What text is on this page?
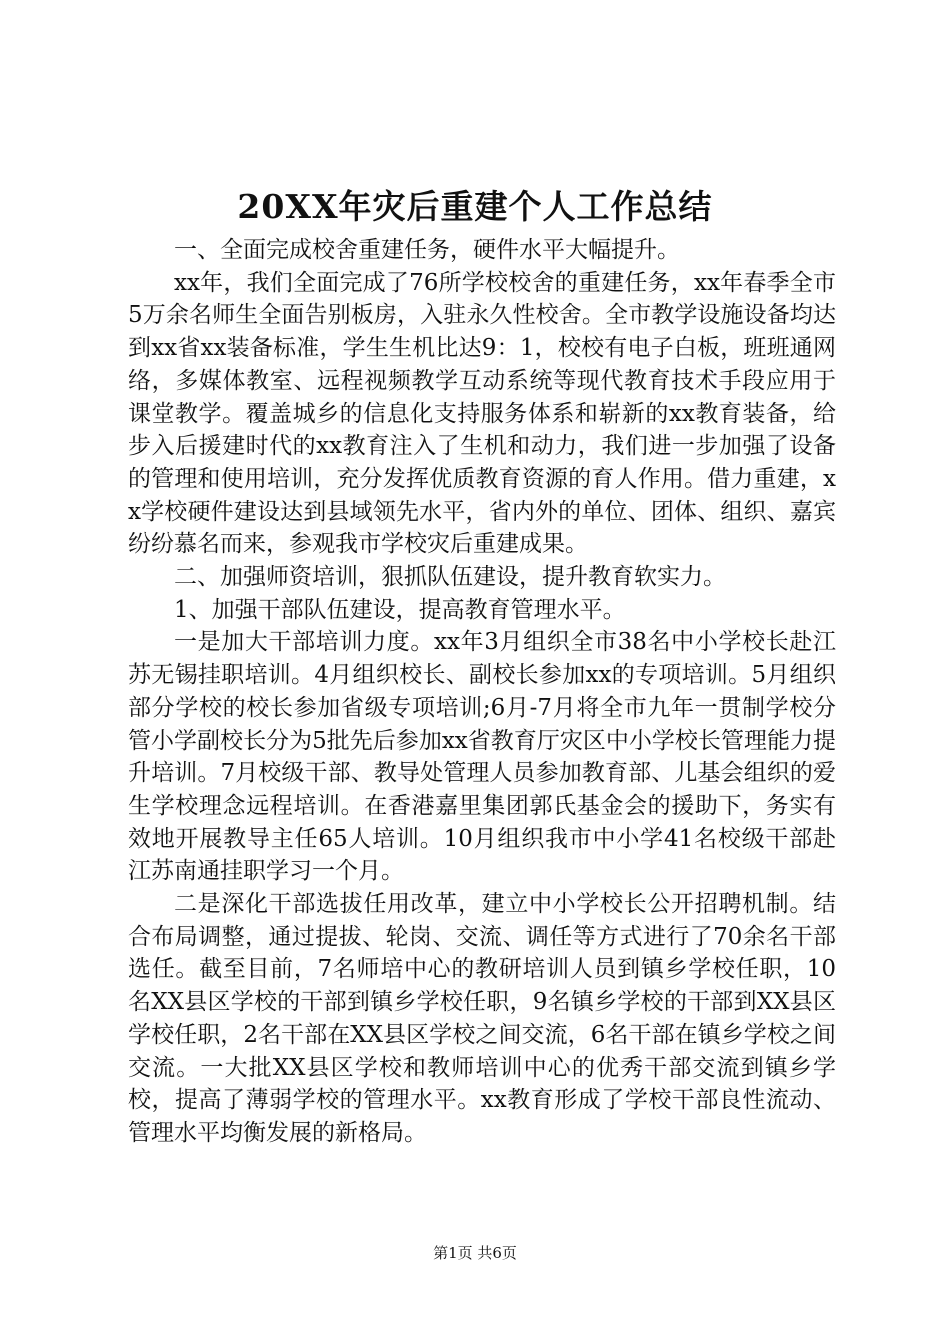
20XX年灾后重建个人工作总结

一、全面完成校舍重建任务，硬件水平大幅提升。

xx年，我们全面完成了76所学校校舍的重建任务，xx年春季全市5万余名师生全面告别板房，入驻永久性校舍。全市教学设施设备均达到xx省xx装备标准，学生生机比达9：1，校校有电子白板，班班通网络，多媒体教室、远程视频教学互动系统等现代教育技术手段应用于课堂教学。覆盖城乡的信息化支持服务体系和崭新的xx教育装备，给步入后援建时代的xx教育注入了生机和动力，我们进一步加强了设备的管理和使用培训，充分发挥优质教育资源的育人作用。借力重建，xx学校硬件建设达到县域领先水平，省内外的单位、团体、组织、嘉宾纷纷慕名而来，参观我市学校灾后重建成果。

二、加强师资培训，狠抓队伍建设，提升教育软实力。

1、加强干部队伍建设，提高教育管理水平。

一是加大干部培训力度。xx年3月组织全市38名中小学校长赴江苏无锡挂职培训。4月组织校长、副校长参加xx的专项培训。5月组织部分学校的校长参加省级专项培训;6月-7月将全市九年一贯制学校分管小学副校长分为5批先后参加xx省教育厅灾区中小学校长管理能力提升培训。7月校级干部、教导处管理人员参加教育部、儿基会组织的爱生学校理念远程培训。在香港嘉里集团郭氏基金会的援助下，务实有效地开展教导主任65人培训。10月组织我市中小学41名校级干部赴江苏南通挂职学习一个月。

二是深化干部选拔任用改革，建立中小学校长公开招聘机制。结合布局调整，通过提拔、轮岗、交流、调任等方式进行了70余名干部选任。截至目前，7名师培中心的教研培训人员到镇乡学校任职，10名XX县区学校的干部到镇乡学校任职，9名镇乡学校的干部到XX县区学校任职，2名干部在XX县区学校之间交流，6名干部在镇乡学校之间交流。一大批XX县区学校和教师培训中心的优秀干部交流到镇乡学校，提高了薄弱学校的管理水平。xx教育形成了学校干部良性流动、管理水平均衡发展的新格局。

第1页 共6页
